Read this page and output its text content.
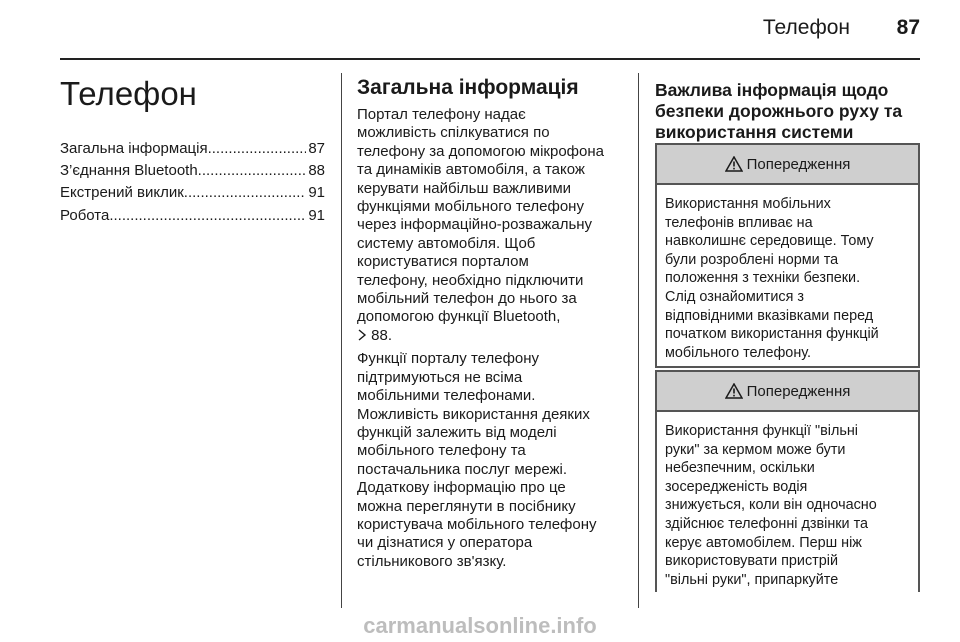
Телефон	87
Телефон
Загальна інформація .....	87
З’єднання Bluetooth .....	88
Екстрений виклик .....	91
Робота .....	91
Загальна інформація

Портал телефону надає
можливість спілкуватися по
телефону за допомогою мікрофона
та динаміків автомобіля, а також
керувати найбільш важливими
функціями мобільного телефону
через інформаційно-розважальну
систему автомобіля. Щоб
користуватися порталом
телефону, необхідно підключити
мобільний телефон до нього за
допомогою функції Bluetooth,
88.

Функції порталу телефону
підтримуються не всіма
мобільними телефонами.
Можливість використання деяких
функцій залежить від моделі
мобільного телефону та
постачальника послуг мережі.
Додаткову інформацію про це
можна переглянути в посібнику
користувача мобільного телефону
чи дізнатися у оператора
стільникового зв'язку.

Важлива інформація щодо безпеки дорожнього руху та використання системи
Попередження
Використання мобільних
телефонів впливає на
навколишнє середовище. Тому
були розроблені норми та
положення з техніки безпеки.
Слід ознайомитися з
відповідними вказівками перед
початком використання функцій
мобільного телефону.
Попередження
Використання функції "вільні
руки" за кермом може бути
небезпечним, оскільки
зосередженість водія
знижується, коли він одночасно
здійснює телефонні дзвінки та
керує автомобілем. Перш ніж
використовувати пристрій
"вільні руки", припаркуйте
carmanualsonline.info
